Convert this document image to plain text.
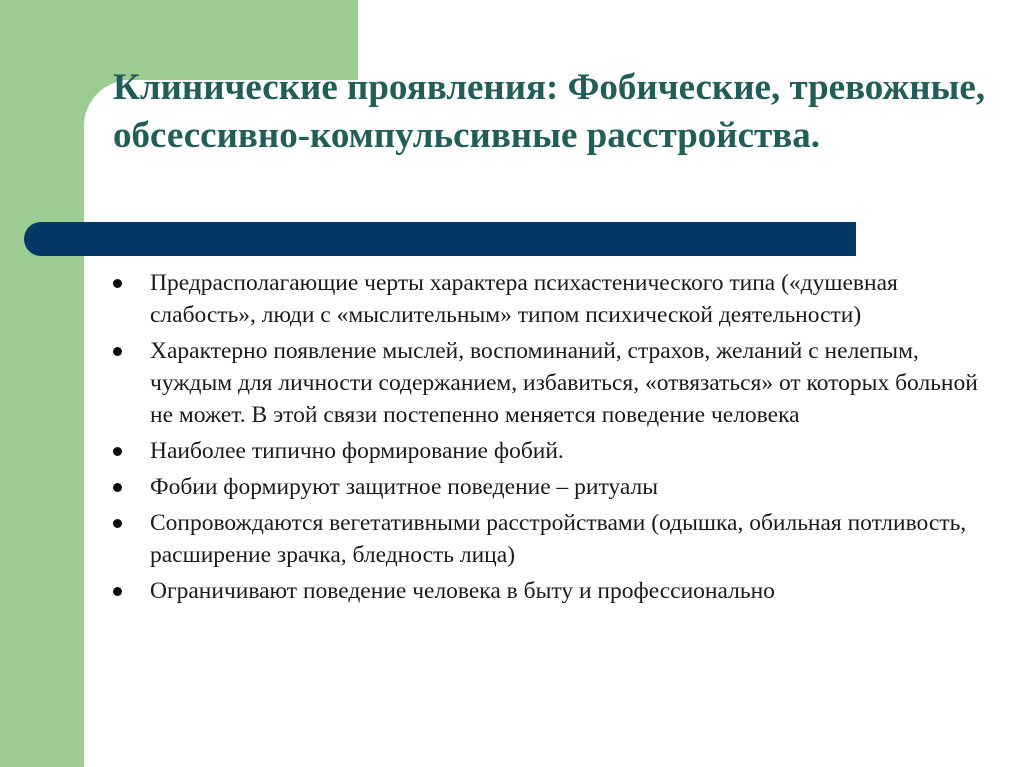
Клинические проявления: Фобические, тревожные, обсессивно-компульсивные расстройства.
Предрасполагающие черты характера психастенического типа («душевная слабость», люди с «мыслительным» типом психической деятельности)
Характерно появление мыслей, воспоминаний, страхов, желаний с нелепым, чуждым для личности содержанием, избавиться, «отвязаться» от которых больной не может. В этой связи постепенно меняется поведение человека
Наиболее типично формирование фобий.
Фобии формируют защитное поведение – ритуалы
Сопровождаются вегетативными расстройствами (одышка, обильная потливость, расширение зрачка, бледность лица)
Ограничивают поведение человека в быту и профессионально
